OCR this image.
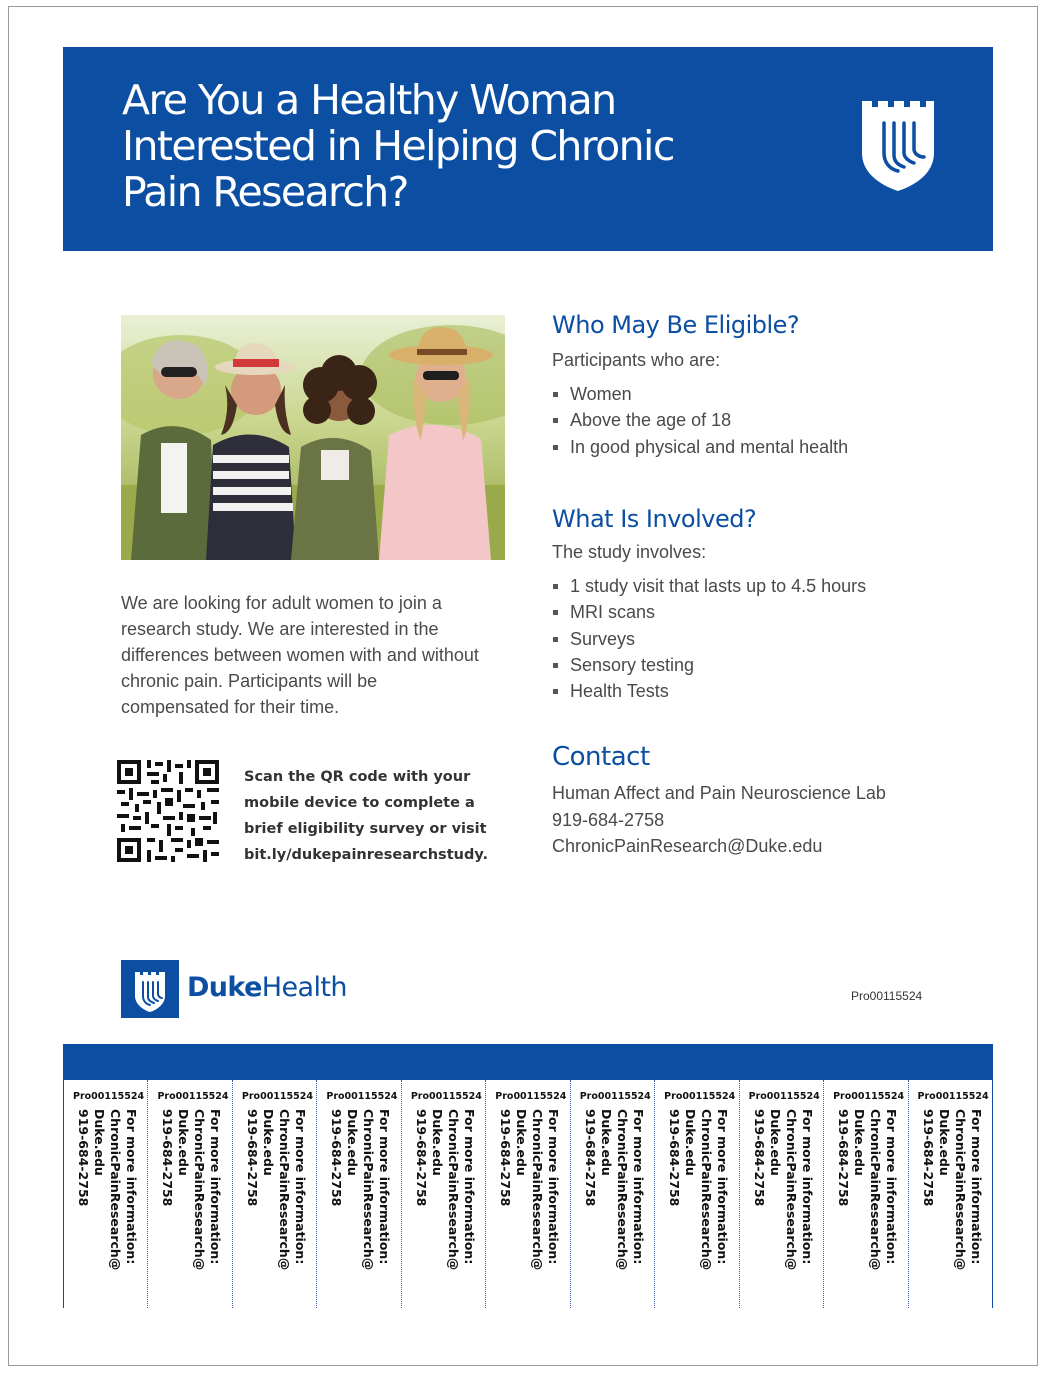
Are You a Healthy Woman
Interested in Helping Chronic
Pain Research?

We are looking for adult women to join a research study. We are interested in the differences between women with and without chronic pain. Participants will be compensated for their time.

Scan the QR code with your
mobile device to complete a
brief eligibility survey or visit
bit.ly/dukepainresearchstudy.
Who May Be Eligible?

Participants who are:

Women
Above the age of 18
In good physical and mental health
What Is Involved?

The study involves:

1 study visit that lasts up to 4.5 hours
MRI scans
Surveys
Sensory testing
Health Tests
Contact
Human Affect and Pain Neuroscience Lab
919-684-2758
ChronicPainResearch@Duke.edu
DukeHealth	Pro00115524
Pro00115524
For more information:
ChronicPainResearch@
Duke.edu
919-684-2758
Pro00115524
For more information:
ChronicPainResearch@
Duke.edu
919-684-2758
Pro00115524
For more information:
ChronicPainResearch@
Duke.edu
919-684-2758
Pro00115524
For more information:
ChronicPainResearch@
Duke.edu
919-684-2758
Pro00115524
For more information:
ChronicPainResearch@
Duke.edu
919-684-2758
Pro00115524
For more information:
ChronicPainResearch@
Duke.edu
919-684-2758
Pro00115524
For more information:
ChronicPainResearch@
Duke.edu
919-684-2758
Pro00115524
For more information:
ChronicPainResearch@
Duke.edu
919-684-2758
Pro00115524
For more information:
ChronicPainResearch@
Duke.edu
919-684-2758
Pro00115524
For more information:
ChronicPainResearch@
Duke.edu
919-684-2758
Pro00115524
For more information:
ChronicPainResearch@
Duke.edu
919-684-2758
